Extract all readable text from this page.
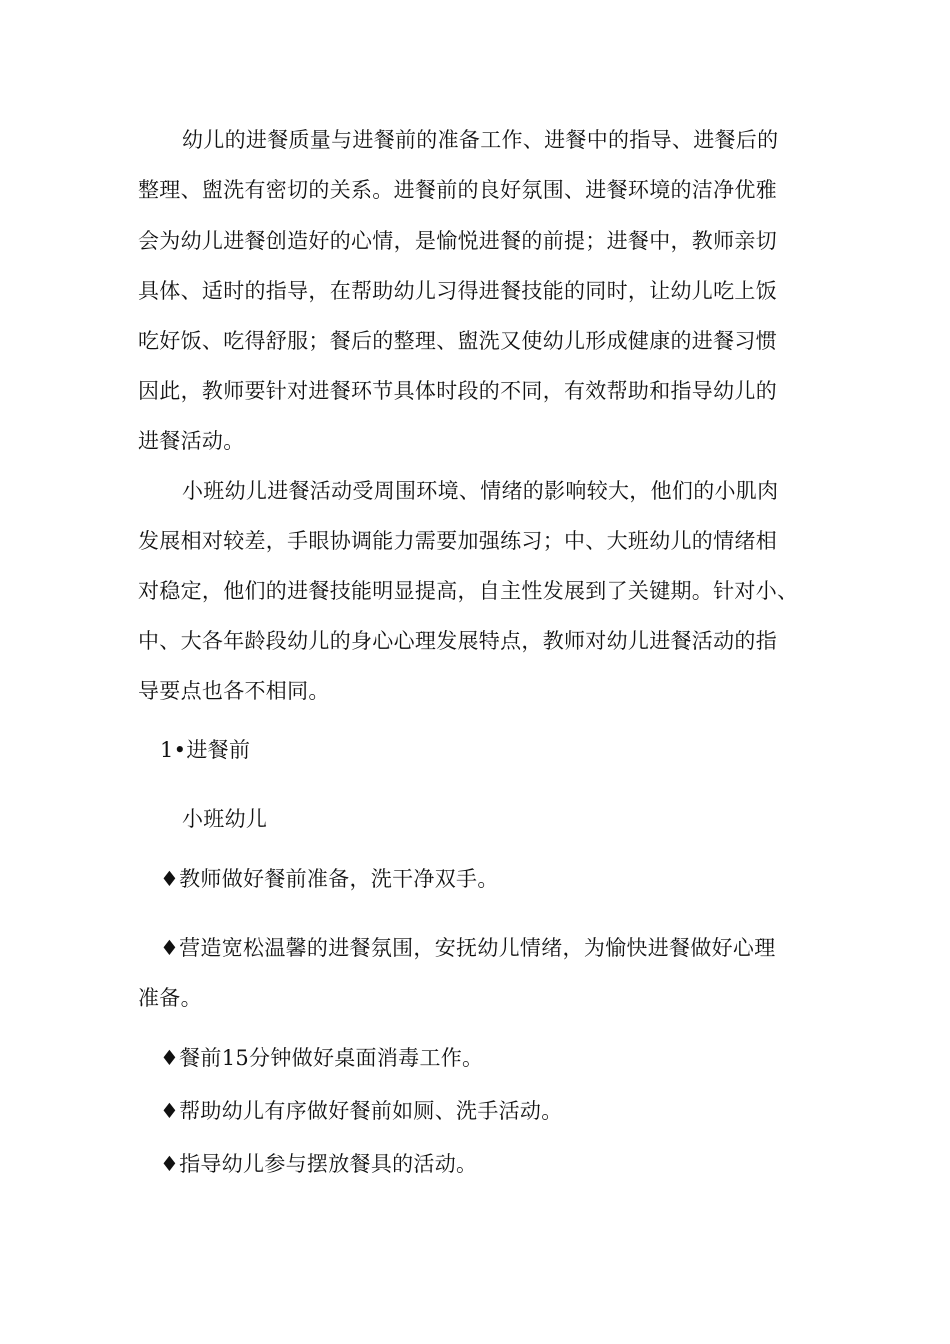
幼儿的进餐质量与进餐前的准备工作、进餐中的指导、进餐后的
整理、盥洗有密切的关系。进餐前的良好氛围、进餐环境的洁净优雅
会为幼儿进餐创造好的心情，是愉悦进餐的前提；进餐中，教师亲切
具体、适时的指导，在帮助幼儿习得进餐技能的同时，让幼儿吃上饭
吃好饭、吃得舒服；餐后的整理、盥洗又使幼儿形成健康的进餐习惯
因此，教师要针对进餐环节具体时段的不同，有效帮助和指导幼儿的
进餐活动。
小班幼儿进餐活动受周围环境、情绪的影响较大，他们的小肌肉
发展相对较差，手眼协调能力需要加强练习；中、大班幼儿的情绪相
对稳定，他们的进餐技能明显提高，自主性发展到了关键期。针对小、
中、大各年龄段幼儿的身心心理发展特点，教师对幼儿进餐活动的指
导要点也各不相同。
1•进餐前
小班幼儿
♦教师做好餐前准备，洗干净双手。
♦营造宽松温馨的进餐氛围，安抚幼儿情绪，为愉快进餐做好心理
准备。
♦餐前15分钟做好桌面消毒工作。
♦帮助幼儿有序做好餐前如厕、洗手活动。
♦指导幼儿参与摆放餐具的活动。
